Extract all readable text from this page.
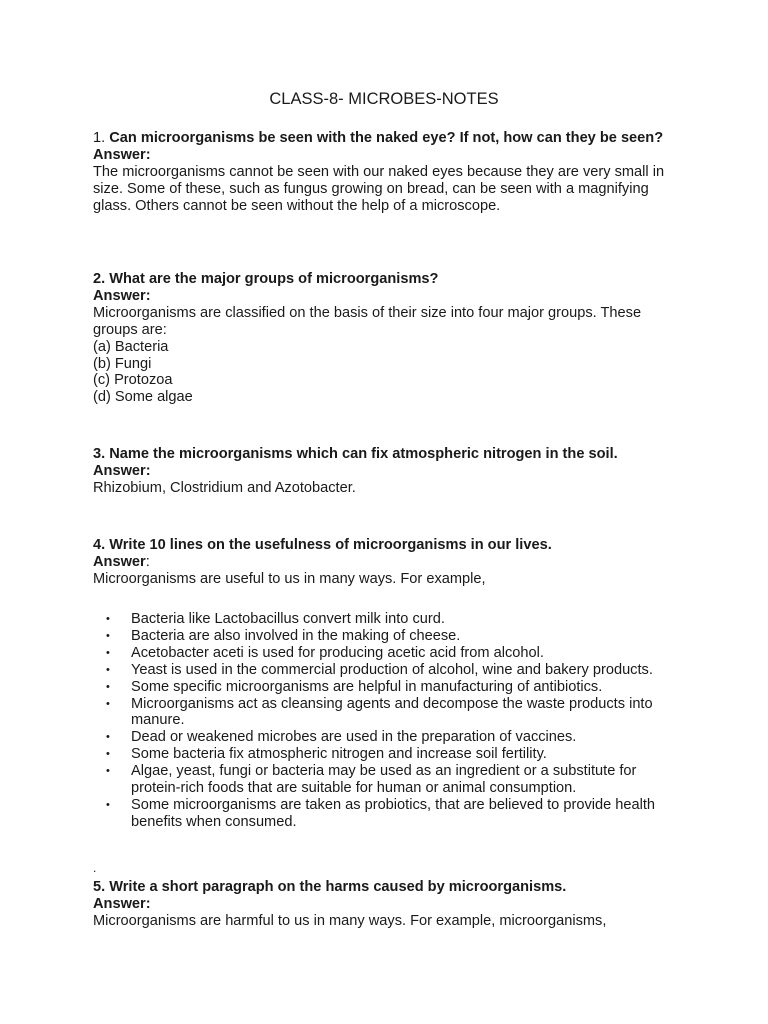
CLASS-8- MICROBES-NOTES

1. Can microorganisms be seen with the naked eye? If not, how can they be seen?

Answer:

The microorganisms cannot be seen with our naked eyes because they are very small in size. Some of these, such as fungus growing on bread, can be seen with a magnifying glass. Others cannot be seen without the help of a microscope.

2. What are the major groups of microorganisms?

Answer:

Microorganisms are classified on the basis of their size into four major groups. These groups are:

(a) Bacteria

(b) Fungi

(c) Protozoa

(d) Some algae

3. Name the microorganisms which can fix atmospheric nitrogen in the soil.

Answer:

Rhizobium, Clostridium and Azotobacter.

4. Write 10 lines on the usefulness of microorganisms in our lives.

Answer:

Microorganisms are useful to us in many ways. For example,

• Bacteria like Lactobacillus convert milk into curd.
• Bacteria are also involved in the making of cheese.
• Acetobacter aceti is used for producing acetic acid from alcohol.
• Yeast is used in the commercial production of alcohol, wine and bakery products.
• Some specific microorganisms are helpful in manufacturing of antibiotics.
• Microorganisms act as cleansing agents and decompose the waste products into manure.
• Dead or weakened microbes are used in the preparation of vaccines.
• Some bacteria fix atmospheric nitrogen and increase soil fertility.
• Algae, yeast, fungi or bacteria may be used as an ingredient or a substitute for protein-rich foods that are suitable for human or animal consumption.
• Some microorganisms are taken as probiotics, that are believed to provide health benefits when consumed.
.

5. Write a short paragraph on the harms caused by microorganisms.

Answer:

Microorganisms are harmful to us in many ways. For example, microorganisms,
